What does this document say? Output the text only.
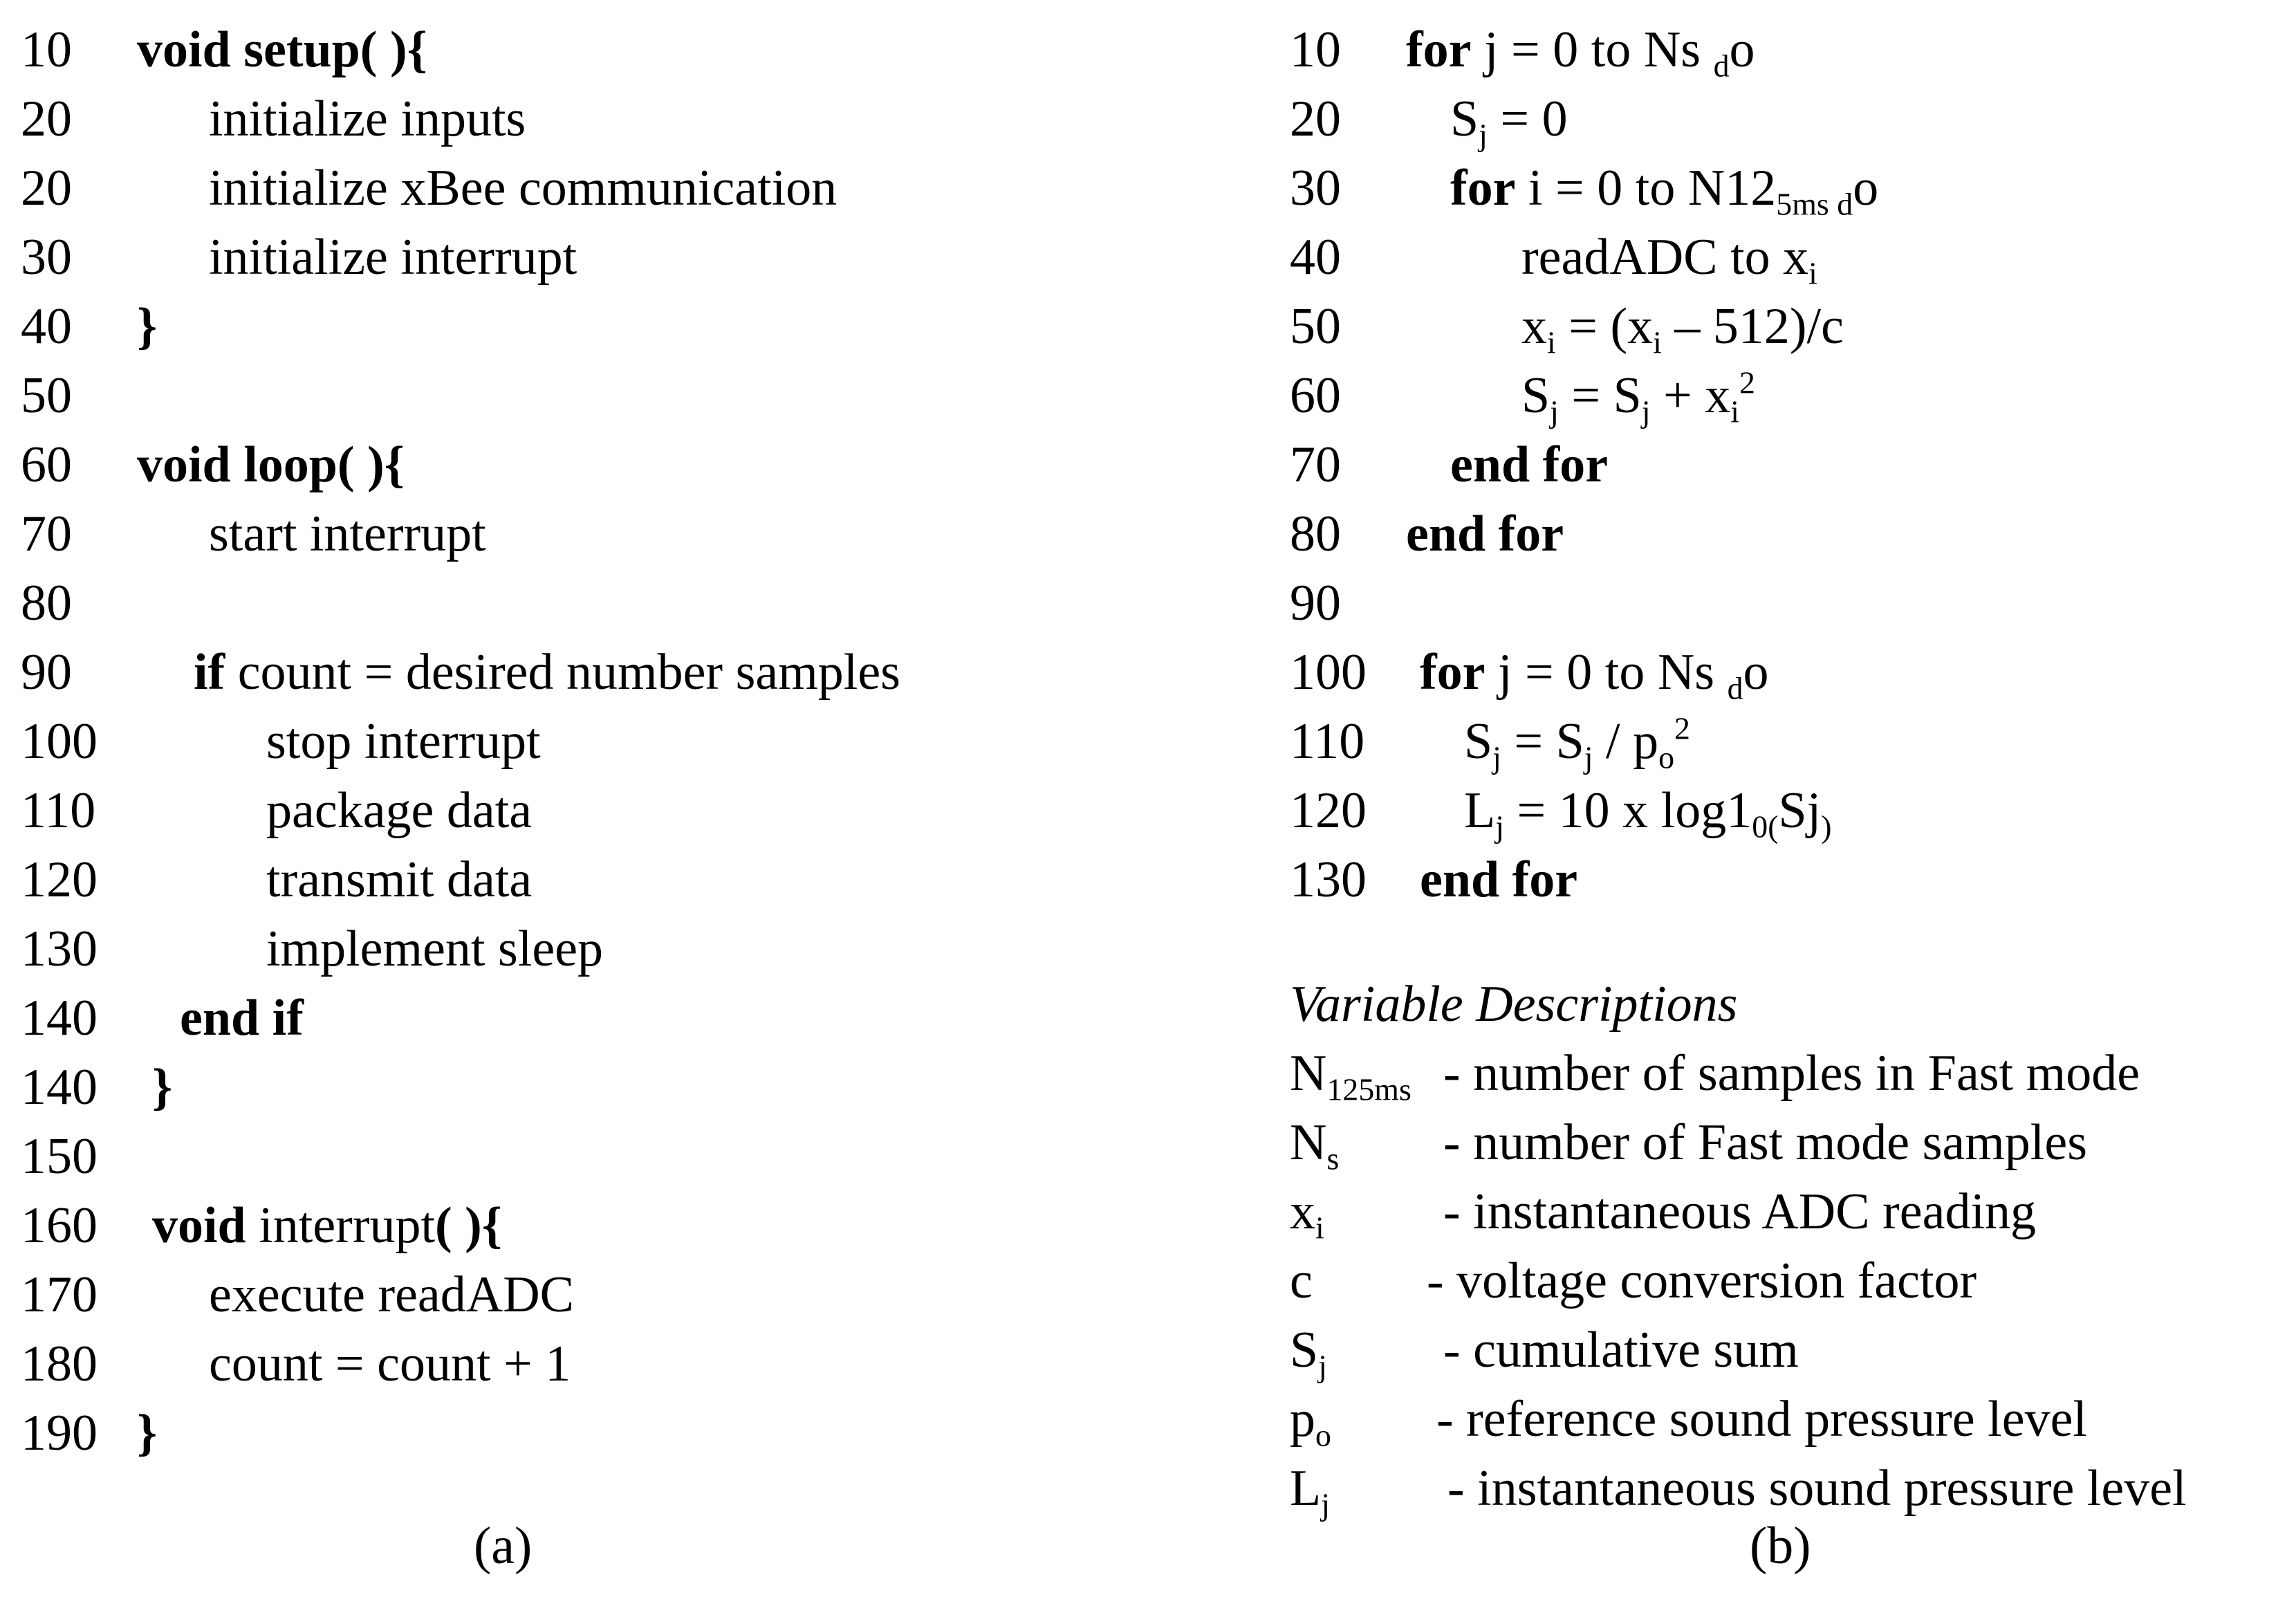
10 void setup( ){
20	initialize inputs
20	initialize xBee communication
30	initialize interrupt
40 }
50
60 void loop( ){
70	start interrupt
80
90 if count = desired number samples
100	stop interrupt
110	package data
120	transmit data
130	implement sleep
140 end if
140 }
150
160 void interrupt( ){
170 execute readADC
180 count = count + 1
190 }
(a)
10 for j = 0 to Ns $_d$o
20 $S_j = 0$
30 for i = 0 to $N12_{5ms d}o$
40	readADC to $x_i$
50	$x_i = (x_i - 512)/c$
60	$S_j = S_j + x_i^2$
70 end for
80 end for
90
100 for j = 0 to Ns $_d$o
110 $S_j = S_j / p_o^2$
120 $L_j = 10$ x $\log 1_{0(}Sj_)$
130 end for
Variable Descriptions
$N_{125ms}$ - number of samples in Fast mode
$N_s$ - number of Fast mode samples
$x_i$ - instantaneous ADC reading
c - voltage conversion factor
$S_j$ - cumulative sum
$p_o$ - reference sound pressure level
$L_j$ - instantaneous sound pressure level
(b)
